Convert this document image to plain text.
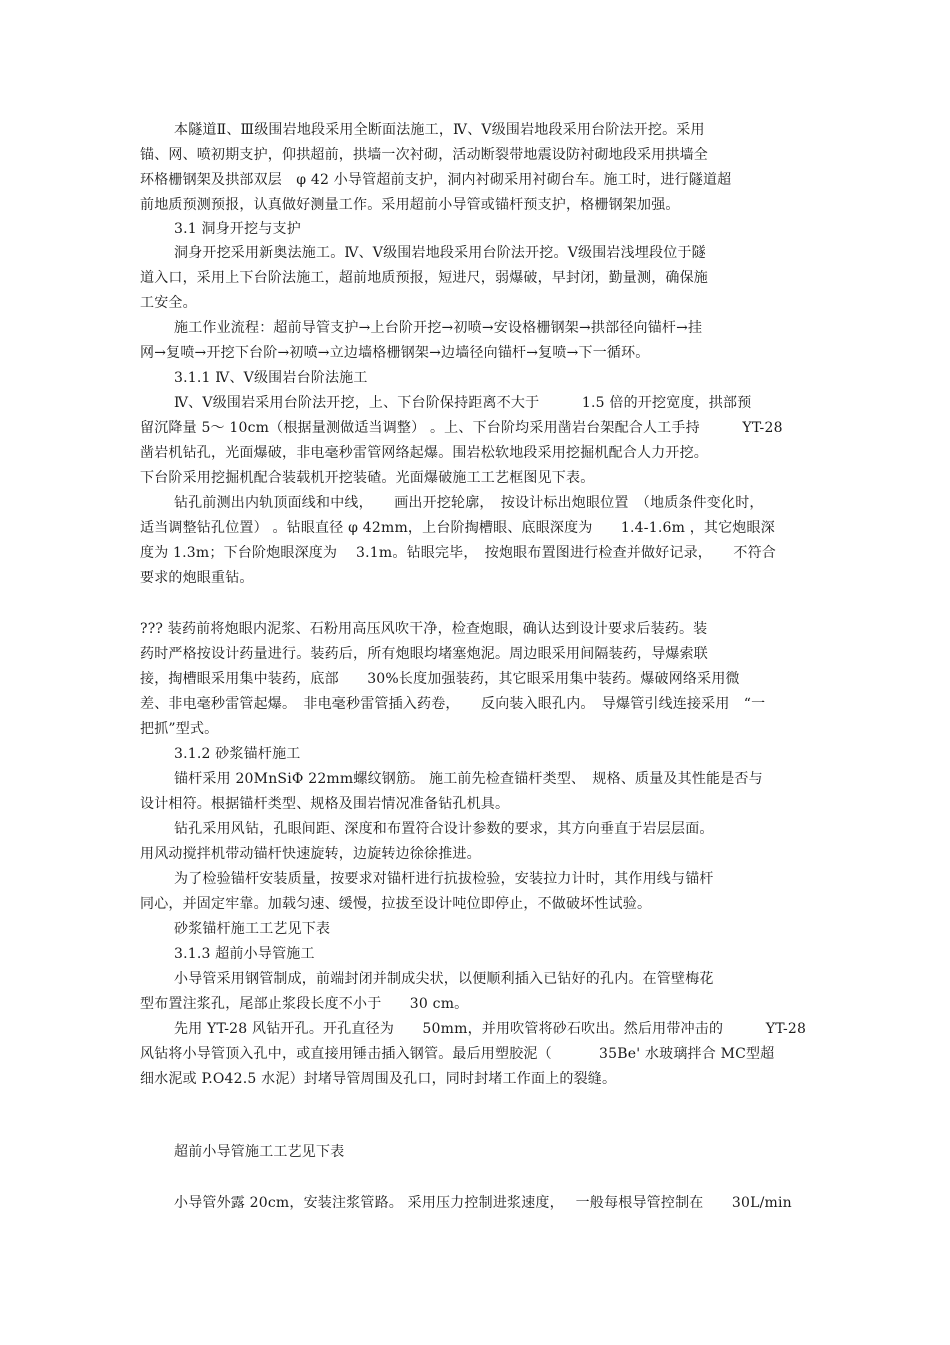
本隧道Ⅱ、Ⅲ级围岩地段采用全断面法施工，Ⅳ、Ⅴ级围岩地段采用台阶法开挖。采用
锚、网、喷初期支护，仰拱超前，拱墙一次衬砌，活动断裂带地震设防衬砌地段采用拱墙全
环格栅钢架及拱部双层　φ 42 小导管超前支护，洞内衬砌采用衬砌台车。施工时，进行隧道超
前地质预测预报，认真做好测量工作。采用超前小导管或锚杆预支护，格栅钢架加强。
3.1 洞身开挖与支护
洞身开挖采用新奥法施工。Ⅳ、Ⅴ级围岩地段采用台阶法开挖。Ⅴ级围岩浅埋段位于隧
道入口，采用上下台阶法施工，超前地质预报，短进尺，弱爆破，早封闭，勤量测，确保施
工安全。
施工作业流程：超前导管支护→上台阶开挖→初喷→安设格栅钢架→拱部径向锚杆→挂
网→复喷→开挖下台阶→初喷→立边墙格栅钢架→边墙径向锚杆→复喷→下一循环。
3.1.1 Ⅳ、Ⅴ级围岩台阶法施工
Ⅳ、Ⅴ级围岩采用台阶法开挖，上、下台阶保持距离不大于　　　1.5 倍的开挖宽度，拱部预
留沉降量 5～ 10cm（根据量测做适当调整） 。上、下台阶均采用凿岩台架配合人工手持　　　YT-28
凿岩机钻孔，光面爆破，非电毫秒雷管网络起爆。围岩松软地段采用挖掘机配合人力开挖。
下台阶采用挖掘机配合装载机开挖装碴。光面爆破施工工艺框图见下表。
钻孔前测出内轨顶面线和中线，　　画出开挖轮廓，　按设计标出炮眼位置　（地质条件变化时，
适当调整钻孔位置） 。钻眼直径 φ 42mm，上台阶掏槽眼、底眼深度为　　1.4-1.6m ，其它炮眼深
度为 1.3m；下台阶炮眼深度为　 3.1m。钻眼完毕，　按炮眼布置图进行检查并做好记录，　　不符合
要求的炮眼重钻。
??? 装药前将炮眼内泥浆、石粉用高压风吹干净，检查炮眼，确认达到设计要求后装药。装
药时严格按设计药量进行。装药后，所有炮眼均堵塞炮泥。周边眼采用间隔装药，导爆索联
接，掏槽眼采用集中装药，底部　　30%长度加强装药，其它眼采用集中装药。爆破网络采用微
差、非电毫秒雷管起爆。　非电毫秒雷管插入药卷，　　反向装入眼孔内。　导爆管引线连接采用　“一
把抓”型式。
3.1.2 砂浆锚杆施工
锚杆采用 20MnSiΦ 22mm螺纹钢筋。 施工前先检查锚杆类型、　规格、质量及其性能是否与
设计相符。根据锚杆类型、规格及围岩情况准备钻孔机具。
钻孔采用风钻，孔眼间距、深度和布置符合设计参数的要求，其方向垂直于岩层层面。
用风动搅拌机带动锚杆快速旋转，边旋转边徐徐推进。
为了检验锚杆安装质量，按要求对锚杆进行抗拔检验，安装拉力计时，其作用线与锚杆
同心，并固定牢靠。加载匀速、缓慢，拉拔至设计吨位即停止，不做破坏性试验。
砂浆锚杆施工工艺见下表
3.1.3 超前小导管施工
小导管采用钢管制成，前端封闭并制成尖状，以便顺利插入已钻好的孔内。在管壁梅花
型布置注浆孔，尾部止浆段长度不小于　　30 cm。
先用 YT-28 风钻开孔。开孔直径为　　50mm，并用吹管将砂石吹出。然后用带冲击的　　　YT-28
风钻将小导管顶入孔中，或直接用锤击插入钢管。最后用塑胶泥（　　　 35Be' 水玻璃拌合 MC型超
细水泥或 P.O42.5 水泥）封堵导管周围及孔口，同时封堵工作面上的裂缝。
超前小导管施工工艺见下表
小导管外露 20cm，安装注浆管路。 采用压力控制进浆速度，　 一般每根导管控制在　　30L/min
